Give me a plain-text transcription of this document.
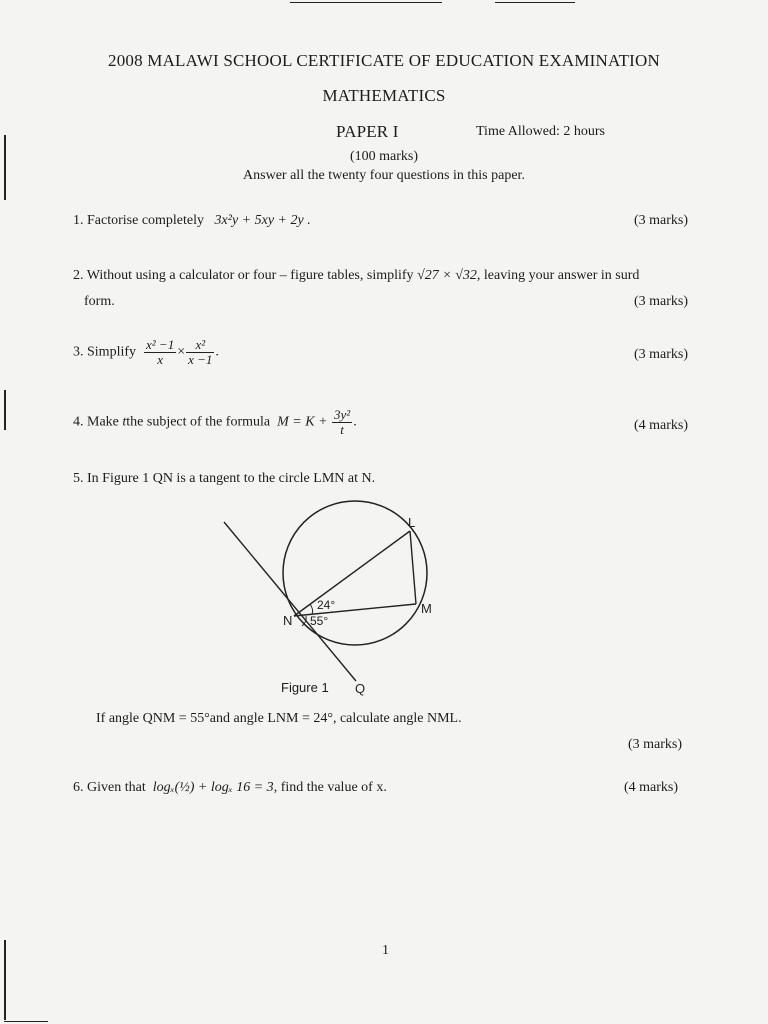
2008 MALAWI SCHOOL CERTIFICATE OF EDUCATION EXAMINATION
MATHEMATICS
PAPER I	Time Allowed: 2 hours
(100 marks)
Answer all the twenty four questions in this paper.
1. Factorise completely 3x²y + 5xy + 2y .	(3 marks)
2. Without using a calculator or four – figure tables, simplify √27 × √32, leaving your answer in surd
form.	(3 marks)
3. Simplify $\frac{\text{x² −1}}{x} \times \frac{\text{x²}}{x -1}$ .	(3 marks)
4. Make tthe subject of the formula $M = K + \frac{\text{3y²}}{t}$ .	(4 marks)
5. In Figure 1 QN is a tangent to the circle LMN at N.
L
M
N
Q
24°
55°
Figure 1
If angle QNM = 55°and angle LNM = 24°, calculate angle NML.
(3 marks)
6. Given that logₓ(½) + logₓ 16 = 3, find the value of x.	(4 marks)
1
